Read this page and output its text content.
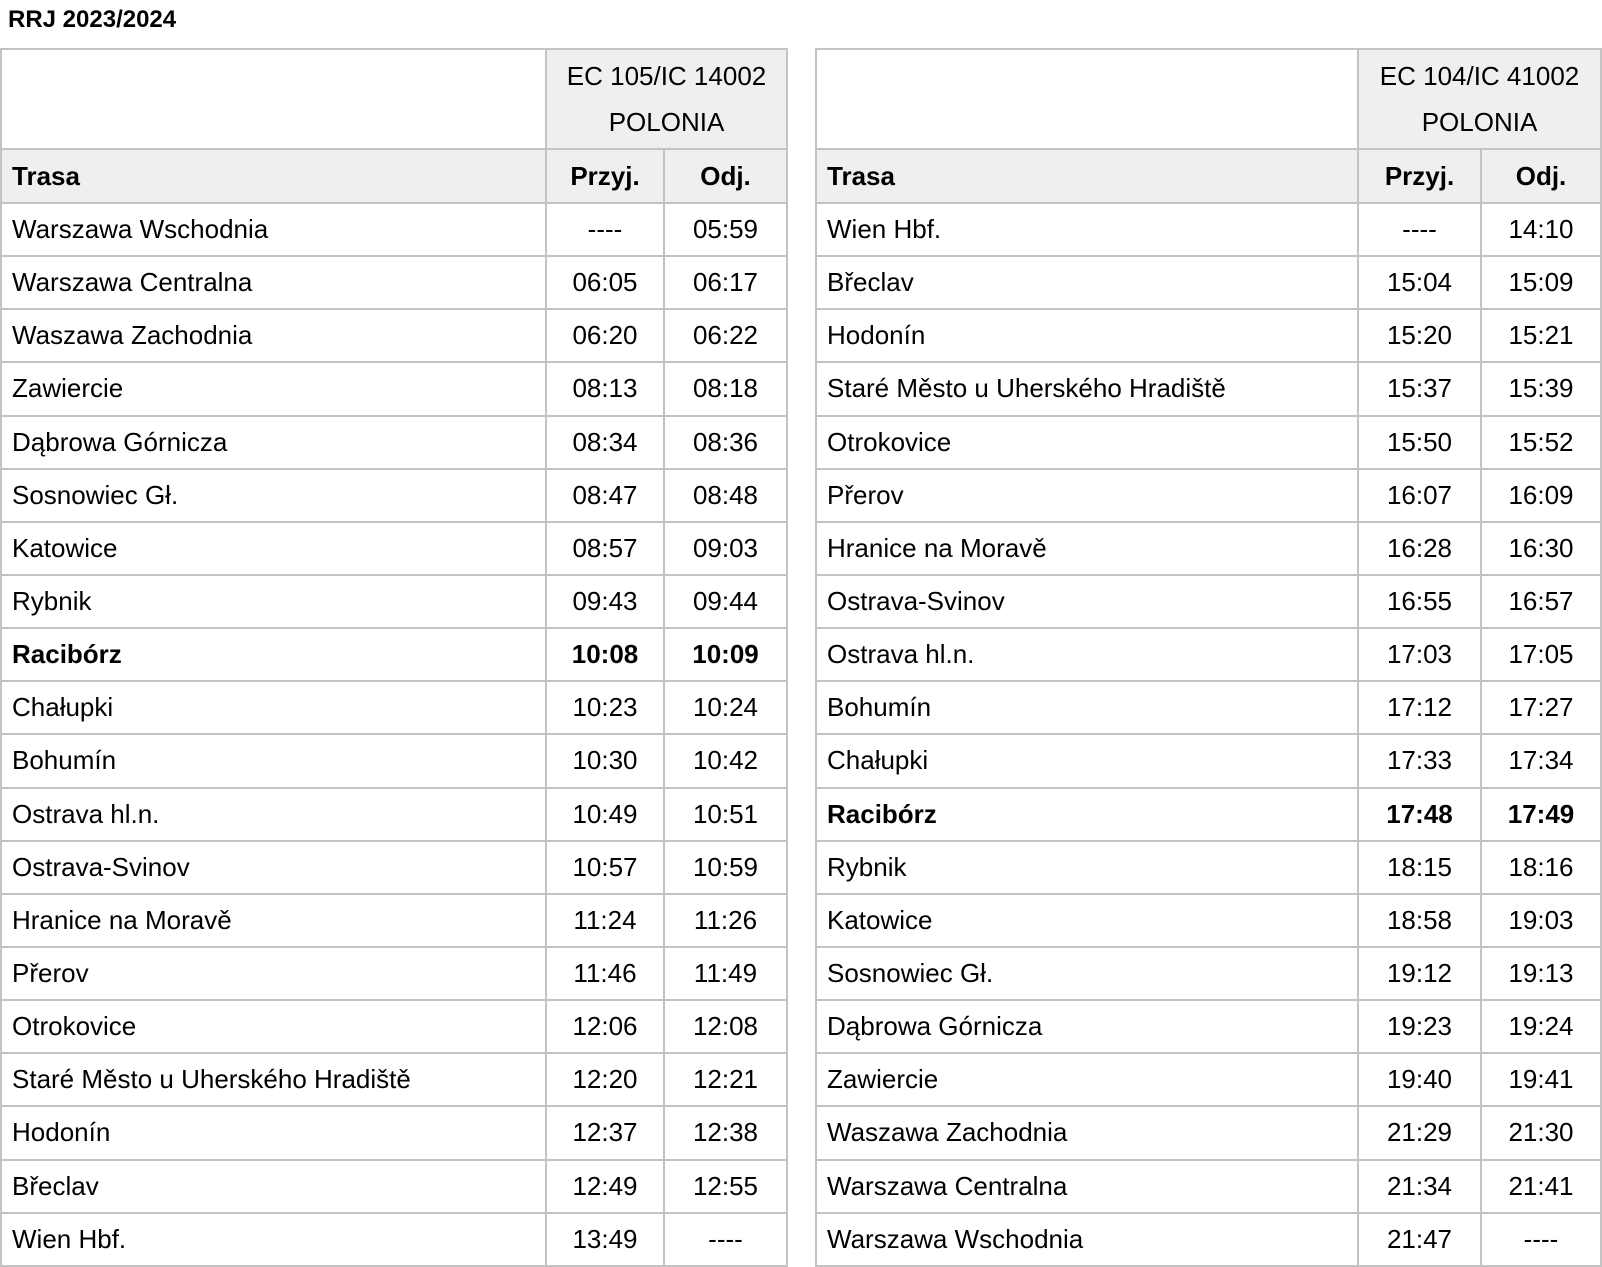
RRJ 2023/2024

	EC 105/IC 14002
POLONIA	

Trasa	Przyj.	Odj.
Warszawa Wschodnia	----	05:59
Warszawa Centralna	06:05	06:17
Waszawa Zachodnia	06:20	06:22
Zawiercie	08:13	08:18
Dąbrowa Górnicza	08:34	08:36
Sosnowiec Gł.	08:47	08:48
Katowice	08:57	09:03
Rybnik	09:43	09:44
Racibórz	10:08	10:09
Chałupki	10:23	10:24
Bohumín	10:30	10:42
Ostrava hl.n.	10:49	10:51
Ostrava-Svinov	10:57	10:59
Hranice na Moravě	11:24	11:26
Přerov	11:46	11:49
Otrokovice	12:06	12:08
Staré Město u Uherského Hradiště	12:20	12:21
Hodonín	12:37	12:38
Břeclav	12:49	12:55
Wien Hbf.	13:49	----

	EC 104/IC 41002
POLONIA	

Trasa	Przyj.	Odj.
Wien Hbf.	----	14:10
Břeclav	15:04	15:09
Hodonín	15:20	15:21
Staré Město u Uherského Hradiště	15:37	15:39
Otrokovice	15:50	15:52
Přerov	16:07	16:09
Hranice na Moravě	16:28	16:30
Ostrava-Svinov	16:55	16:57
Ostrava hl.n.	17:03	17:05
Bohumín	17:12	17:27
Chałupki	17:33	17:34
Racibórz	17:48	17:49
Rybnik	18:15	18:16
Katowice	18:58	19:03
Sosnowiec Gł.	19:12	19:13
Dąbrowa Górnicza	19:23	19:24
Zawiercie	19:40	19:41
Waszawa Zachodnia	21:29	21:30
Warszawa Centralna	21:34	21:41
Warszawa Wschodnia	21:47	----
